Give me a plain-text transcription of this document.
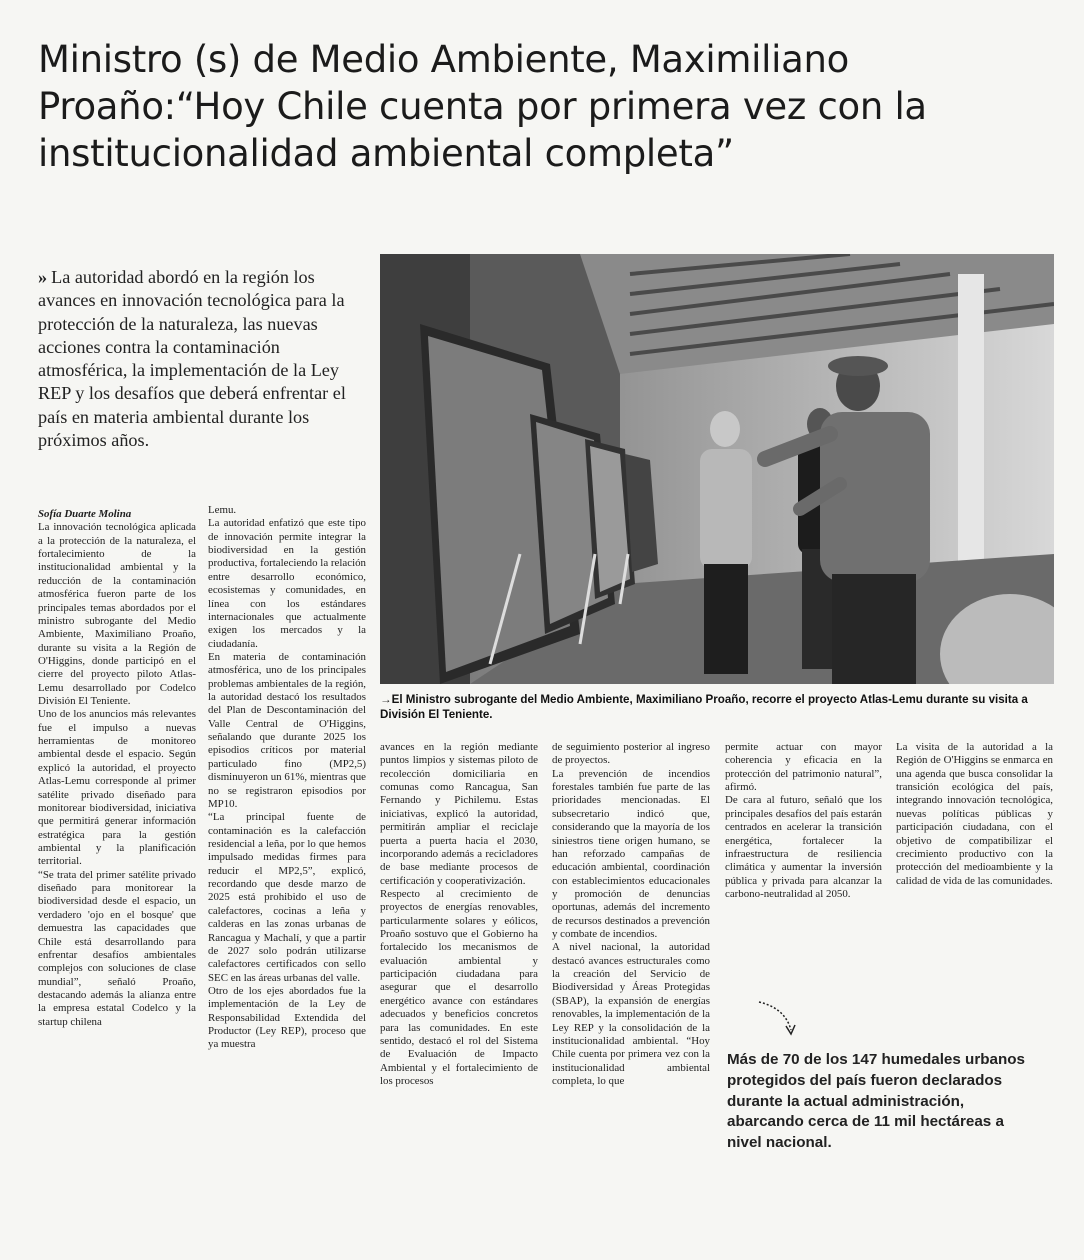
Ministro (s) de Medio Ambiente, Maximiliano Proaño:“Hoy Chile cuenta por primera vez con la institucionalidad ambiental completa”
» La autoridad abordó en la región los avances en innovación tecnológica para la protección de la naturaleza, las nuevas acciones contra la contaminación atmosférica, la implementación de la Ley REP y los desafíos que deberá enfrentar el país en materia ambiental durante los próximos años.

→El Ministro subrogante del Medio Ambiente, Maximiliano Proaño, recorre el proyecto Atlas-Lemu durante su visita a División El Teniente.

Sofía Duarte Molina

La innovación tecnológica aplicada a la protección de la naturaleza, el fortalecimiento de la institucionalidad ambiental y la reducción de la contaminación atmosférica fueron parte de los principales temas abordados por el ministro subrogante del Medio Ambiente, Maximiliano Proaño, durante su visita a la Región de O'Higgins, donde participó en el cierre del proyecto piloto Atlas-Lemu desarrollado por Codelco División El Teniente.

Uno de los anuncios más relevantes fue el impulso a nuevas herramientas de monitoreo ambiental desde el espacio. Según explicó la autoridad, el proyecto Atlas-Lemu corresponde al primer satélite privado diseñado para monitorear biodiversidad, iniciativa que permitirá generar información estratégica para la gestión ambiental y la planificación territorial.

“Se trata del primer satélite privado diseñado para monitorear la biodiversidad desde el espacio, un verdadero 'ojo en el bosque' que demuestra las capacidades que Chile está desarrollando para enfrentar desafíos ambientales complejos con soluciones de clase mundial”, señaló Proaño, destacando además la alianza entre la empresa estatal Codelco y la startup chilena

Lemu.

La autoridad enfatizó que este tipo de innovación permite integrar la biodiversidad en la gestión productiva, fortaleciendo la relación entre desarrollo económico, ecosistemas y comunidades, en línea con los estándares internacionales que actualmente exigen los mercados y la ciudadanía.

En materia de contaminación atmosférica, uno de los principales problemas ambientales de la región, la autoridad destacó los resultados del Plan de Descontaminación del Valle Central de O'Higgins, señalando que durante 2025 los episodios críticos por material particulado fino (MP2,5) disminuyeron un 61%, mientras que no se registraron episodios por MP10.

“La principal fuente de contaminación es la calefacción residencial a leña, por lo que hemos impulsado medidas firmes para reducir el MP2,5”, explicó, recordando que desde marzo de 2025 está prohibido el uso de calefactores, cocinas a leña y calderas en las zonas urbanas de Rancagua y Machalí, y que a partir de 2027 solo podrán utilizarse calefactores certificados con sello SEC en las áreas urbanas del valle.

Otro de los ejes abordados fue la implementación de la Ley de Responsabilidad Extendida del Productor (Ley REP), proceso que ya muestra

avances en la región mediante puntos limpios y sistemas piloto de recolección domiciliaria en comunas como Rancagua, San Fernando y Pichilemu. Estas iniciativas, explicó la autoridad, permitirán ampliar el reciclaje puerta a puerta hacia el 2030, incorporando además a recicladores de base mediante procesos de certificación y cooperativización.

Respecto al crecimiento de proyectos de energías renovables, particularmente solares y eólicos, Proaño sostuvo que el Gobierno ha fortalecido los mecanismos de evaluación ambiental y participación ciudadana para asegurar que el desarrollo energético avance con estándares adecuados y beneficios concretos para las comunidades. En este sentido, destacó el rol del Sistema de Evaluación de Impacto Ambiental y el fortalecimiento de los procesos

de seguimiento posterior al ingreso de proyectos.

La prevención de incendios forestales también fue parte de las prioridades mencionadas. El subsecretario indicó que, considerando que la mayoría de los siniestros tiene origen humano, se han reforzado campañas de educación ambiental, coordinación con establecimientos educacionales y promoción de denuncias oportunas, además del incremento de recursos destinados a prevención y combate de incendios.

A nivel nacional, la autoridad destacó avances estructurales como la creación del Servicio de Biodiversidad y Áreas Protegidas (SBAP), la expansión de energías renovables, la implementación de la Ley REP y la consolidación de la institucionalidad ambiental. “Hoy Chile cuenta por primera vez con la institucionalidad ambiental completa, lo que

permite actuar con mayor coherencia y eficacia en la protección del patrimonio natural”, afirmó.

De cara al futuro, señaló que los principales desafíos del país estarán centrados en acelerar la transición energética, fortalecer la infraestructura de resiliencia climática y aumentar la inversión pública y privada para alcanzar la carbono-neutralidad al 2050.

La visita de la autoridad a la Región de O'Higgins se enmarca en una agenda que busca consolidar la transición ecológica del país, integrando innovación tecnológica, nuevas políticas públicas y participación ciudadana, con el objetivo de compatibilizar el crecimiento productivo con la protección del medioambiente y la calidad de vida de las comunidades.

Más de 70 de los 147 humedales urbanos protegidos del país fueron declarados durante la actual administración, abarcando cerca de 11 mil hectáreas a nivel nacional.
